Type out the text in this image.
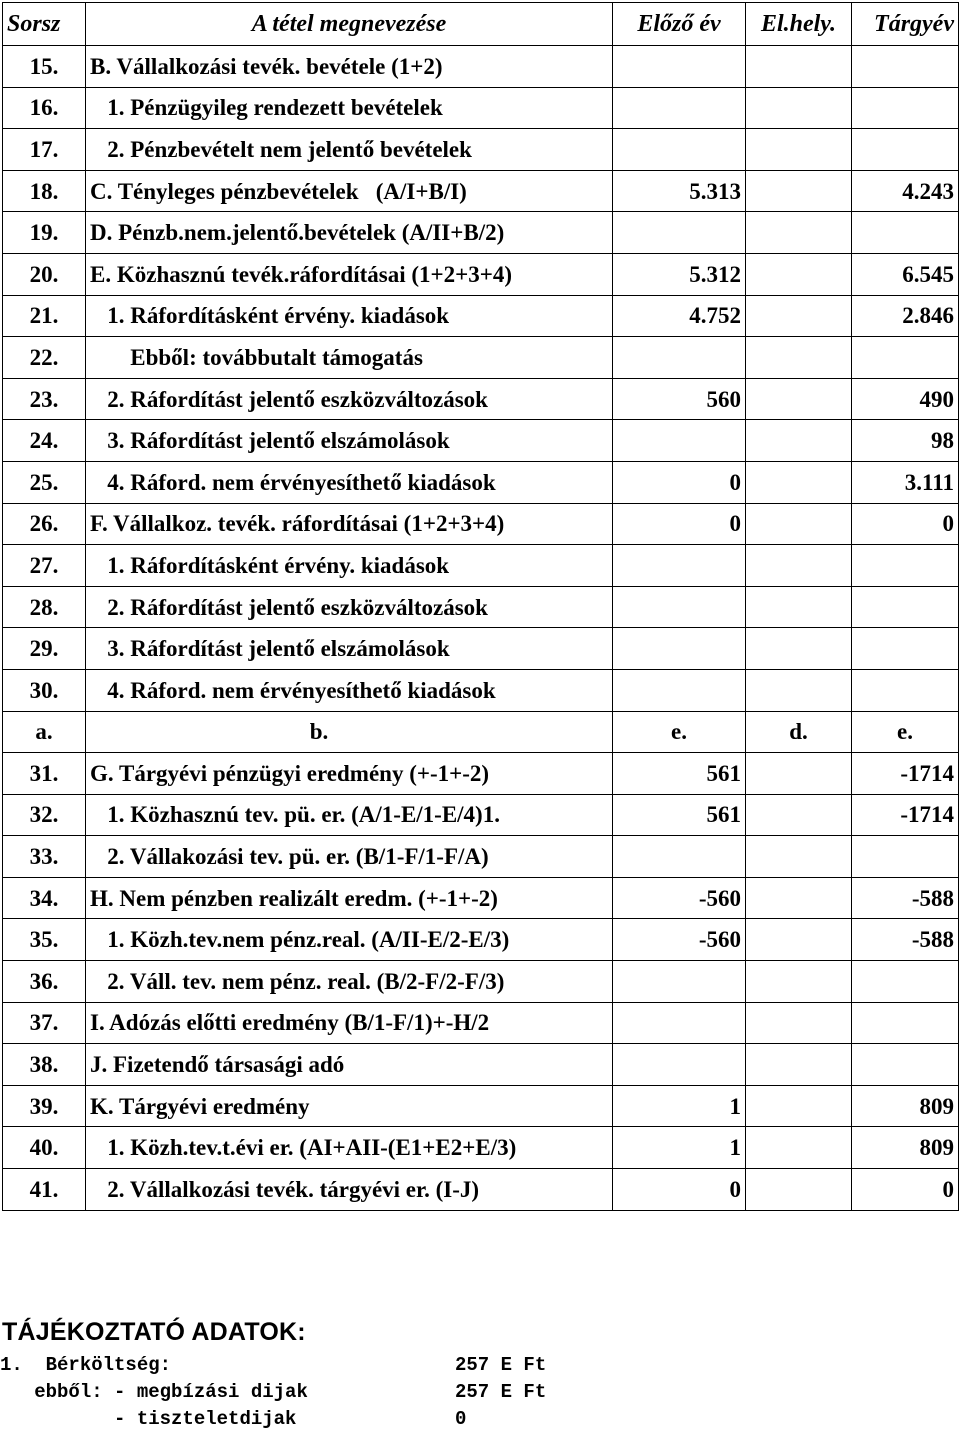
Sorsz	A tétel megnevezése	Előző év	El.hely.	Tárgyév
15.	B. Vállalkozási tevék. bevétele (1+2)			
16.	1. Pénzügyileg rendezett bevételek			
17.	2. Pénzbevételt nem jelentő bevételek			
18.	C. Tényleges pénzbevételek   (A/I+B/I)	5.313		4.243
19.	D. Pénzb.nem.jelentő.bevételek (A/II+B/2)			
20.	E. Közhasznú tevék.ráfordításai (1+2+3+4)	5.312		6.545
21.	1. Ráfordításként érvény. kiadások	4.752		2.846
22.	Ebből: továbbutalt támogatás			
23.	2. Ráfordítást jelentő eszközváltozások	560		490
24.	3. Ráfordítást jelentő elszámolások			98
25.	4. Ráford. nem érvényesíthető kiadások	0		3.111
26.	F. Vállalkoz. tevék. ráfordításai (1+2+3+4)	0		0
27.	1. Ráfordításként érvény. kiadások			
28.	2. Ráfordítást jelentő eszközváltozások			
29.	3. Ráfordítást jelentő elszámolások			
30.	4. Ráford. nem érvényesíthető kiadások			
a.	b.	e.	d.	e.
31.	G. Tárgyévi pénzügyi eredmény (+-1+-2)	561		-1714
32.	1. Közhasznú tev. pü. er. (A/1-E/1-E/4)1.	561		-1714
33.	2. Vállakozási tev. pü. er. (B/1-F/1-F/A)			
34.	H. Nem pénzben realizált eredm. (+-1+-2)	-560		-588
35.	1. Közh.tev.nem pénz.real. (A/II-E/2-E/3)	-560		-588
36.	2. Váll. tev. nem pénz. real. (B/2-F/2-F/3)			
37.	I. Adózás előtti eredmény (B/1-F/1)+-H/2			
38.	J. Fizetendő társasági adó			
39.	K. Tárgyévi eredmény	1		809
40.	1. Közh.tev.t.évi er. (AI+AII-(E1+E2+E/3)	1		809
41.	2. Vállalkozási tevék. tárgyévi er. (I-J)	0		0

TÁJÉKOZTATÓ ADATOK:

1.  Bérköltség:	257 E Ft
ebből: - megbízási dijak	257 E Ft
- tiszteletdijak	0
